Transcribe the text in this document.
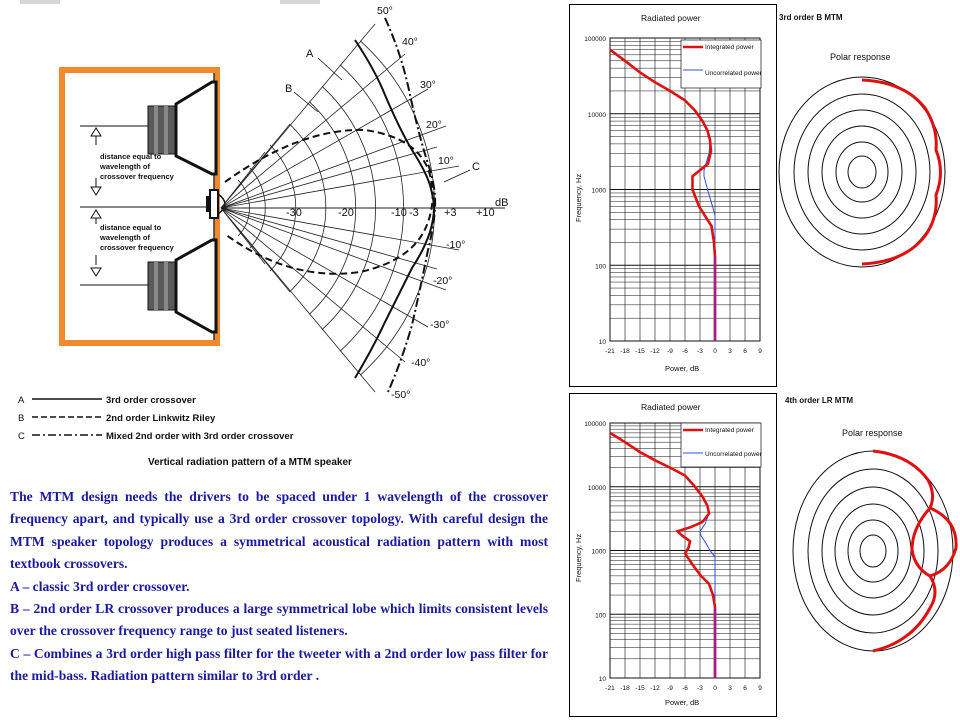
A
B
C
50°
40°
30°
20°
10°
-10°
-20°
-30°
-40°
-50°
-30	-20	-10 -3 +3 +10
dB
A	3rd order crossover
B	2nd order Linkwitz Riley
C	Mixed 2nd order with 3rd order crossover
Vertical radiation pattern of a MTM speaker
distance equal to
wavelength of
crossover frequency
distance equal to
wavelength of
crossover frequency

The MTM design needs the drivers to be spaced under 1 wavelength of the crossover frequency apart, and typically use a 3rd order crossover topology. With careful design the MTM speaker topology produces a symmetrical acoustical radiation pattern with most textbook crossovers.

A – classic 3rd order crossover.

B – 2nd order LR crossover produces a large symmetrical lobe which limits consistent levels over the crossover frequency range to just seated listeners.

C – Combines a 3rd order high pass filter for the tweeter with a 2nd order low pass filter for the mid-bass. Radiation pattern similar to 3rd order .

-21 -18 -15 -12 -9 -6 -3 0 3 6 9
10
100
1000
10000
100000
-21 -18 -15 -12 -9 -6 -3 0 3 6 9
10
100
1000
10000
100000
3rd order B MTM
Radiated power
Polar response
Power, dB
Frequency, Hz
Integrated power
Uncorrelated power
4th order LR MTM
Radiated power
Polar response
Power, dB
Frequency, Hz
Integrated power
Uncorrelated power
